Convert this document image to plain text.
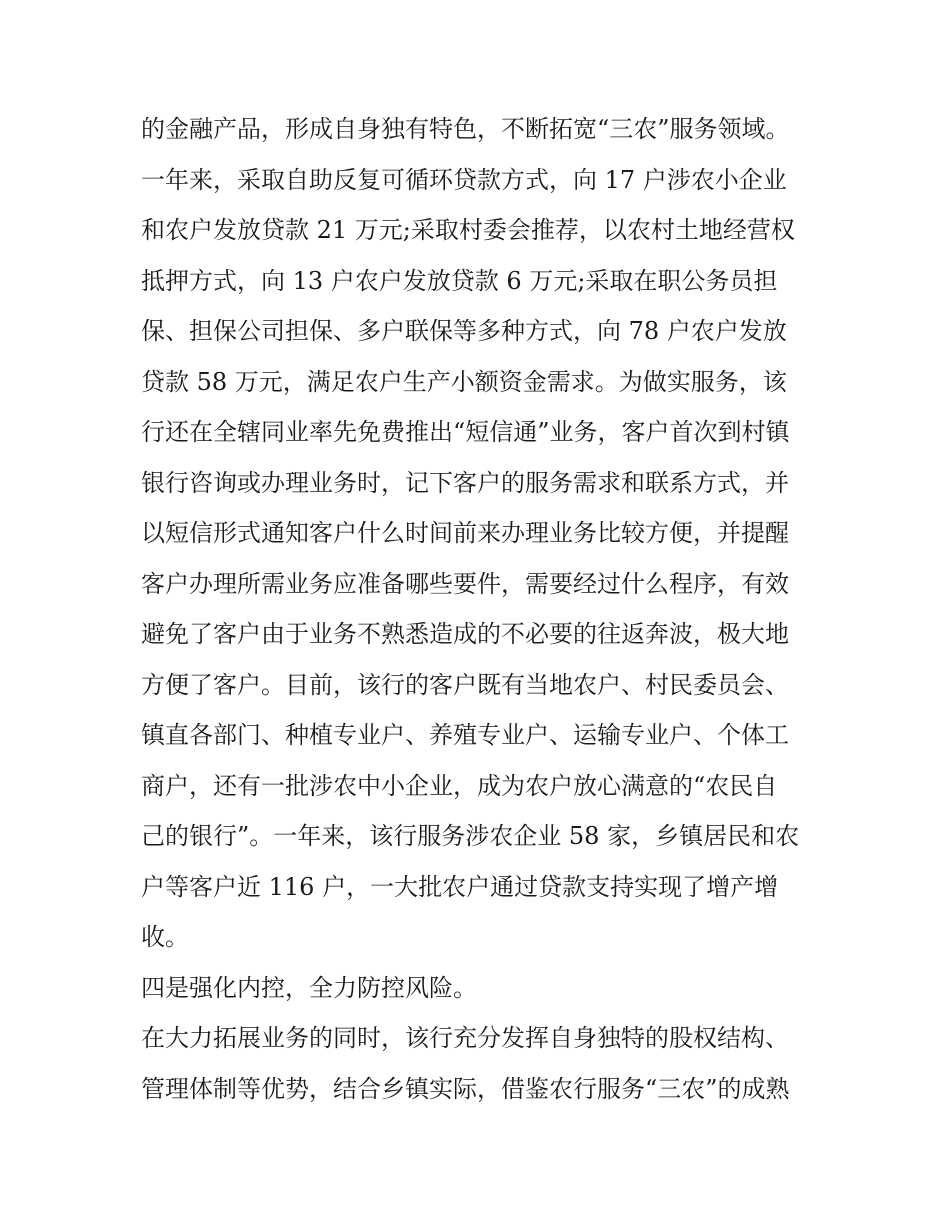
的金融产品，形成自身独有特色，不断拓宽“三农”服务领域。
一年来，采取自助反复可循环贷款方式，向 17 户涉农小企业
和农户发放贷款 21 万元;采取村委会推荐，以农村土地经营权
抵押方式，向 13 户农户发放贷款 6 万元;采取在职公务员担
保、担保公司担保、多户联保等多种方式，向 78 户农户发放
贷款 58 万元，满足农户生产小额资金需求。为做实服务，该
行还在全辖同业率先免费推出“短信通”业务，客户首次到村镇
银行咨询或办理业务时，记下客户的服务需求和联系方式，并
以短信形式通知客户什么时间前来办理业务比较方便，并提醒
客户办理所需业务应准备哪些要件，需要经过什么程序，有效
避免了客户由于业务不熟悉造成的不必要的往返奔波，极大地
方便了客户。目前，该行的客户既有当地农户、村民委员会、
镇直各部门、种植专业户、养殖专业户、运输专业户、个体工
商户，还有一批涉农中小企业，成为农户放心满意的“农民自
己的银行”。一年来，该行服务涉农企业 58 家，乡镇居民和农
户等客户近 116 户，一大批农户通过贷款支持实现了增产增
收。
四是强化内控，全力防控风险。
在大力拓展业务的同时，该行充分发挥自身独特的股权结构、
管理体制等优势，结合乡镇实际，借鉴农行服务“三农”的成熟
